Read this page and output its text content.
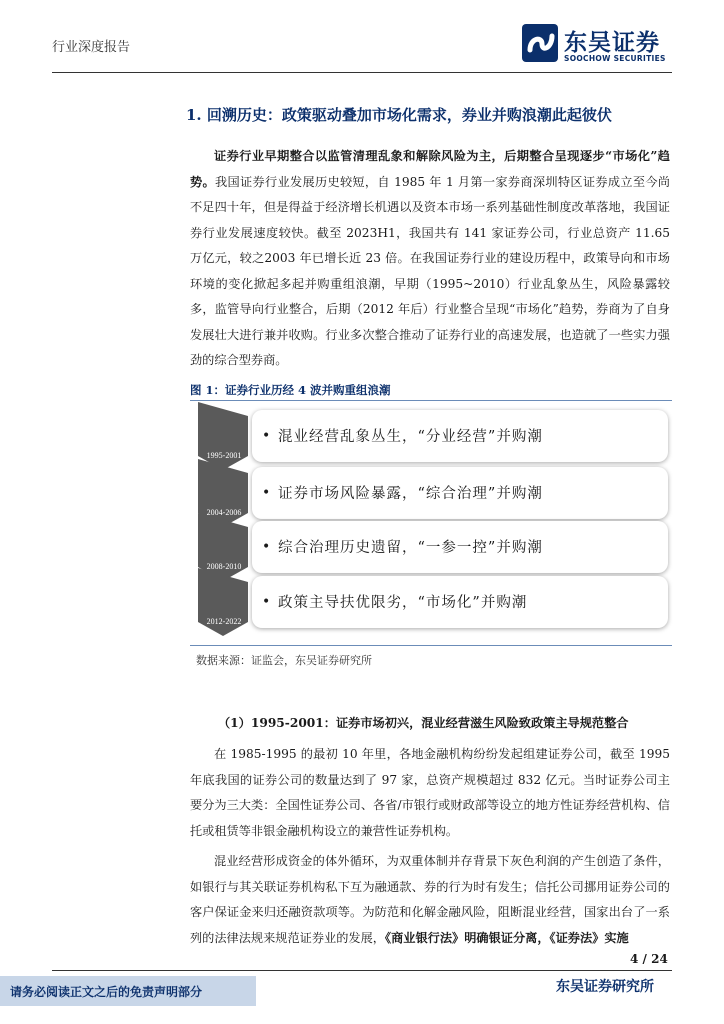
行业深度报告	东吴证券
SOOCHOW SECURITIES
1. 回溯历史：政策驱动叠加市场化需求，券业并购浪潮此起彼伏
证券行业早期整合以监管清理乱象和解除风险为主，后期整合呈现逐步“市场化”趋势。我国证券行业发展历史较短，自 1985 年 1 月第一家券商深圳特区证券成立至今尚不足四十年，但是得益于经济增长机遇以及资本市场一系列基础性制度改革落地，我国证券行业发展速度较快。截至 2023H1，我国共有 141 家证券公司，行业总资产 11.65 万亿元，较之2003 年已增长近 23 倍。在我国证券行业的建设历程中，政策导向和市场环境的变化掀起多起并购重组浪潮，早期（1995~2010）行业乱象丛生，风险暴露较多，监管导向行业整合，后期（2012 年后）行业整合呈现“市场化”趋势，券商为了自身发展壮大进行兼并收购。行业多次整合推动了证券行业的高速发展，也造就了一些实力强劲的综合型券商。
图 1：证券行业历经 4 波并购重组浪潮
1995-2001
• 混业经营乱象丛生，“分业经营”并购潮
2004-2006
• 证券市场风险暴露，“综合治理”并购潮
2008-2010
• 综合治理历史遗留，“一参一控”并购潮
2012-2022
• 政策主导扶优限劣，“市场化”并购潮
数据来源：证监会，东吴证券研究所
（1）1995-2001：证券市场初兴，混业经营滋生风险致政策主导规范整合
在 1985-1995 的最初 10 年里，各地金融机构纷纷发起组建证券公司，截至 1995 年底我国的证券公司的数量达到了 97 家，总资产规模超过 832 亿元。当时证券公司主要分为三大类：全国性证券公司、各省/市银行或财政部等设立的地方性证券经营机构、信托或租赁等非银金融机构设立的兼营性证券机构。
混业经营形成资金的体外循环，为双重体制并存背景下灰色利润的产生创造了条件，如银行与其关联证券机构私下互为融通款、券的行为时有发生；信托公司挪用证券公司的客户保证金来归还融资款项等。为防范和化解金融风险，阻断混业经营，国家出台了一系列的法律法规来规范证券业的发展，《商业银行法》明确银证分离，《证券法》实施
4 / 24
请务必阅读正文之后的免责声明部分	东吴证券研究所
